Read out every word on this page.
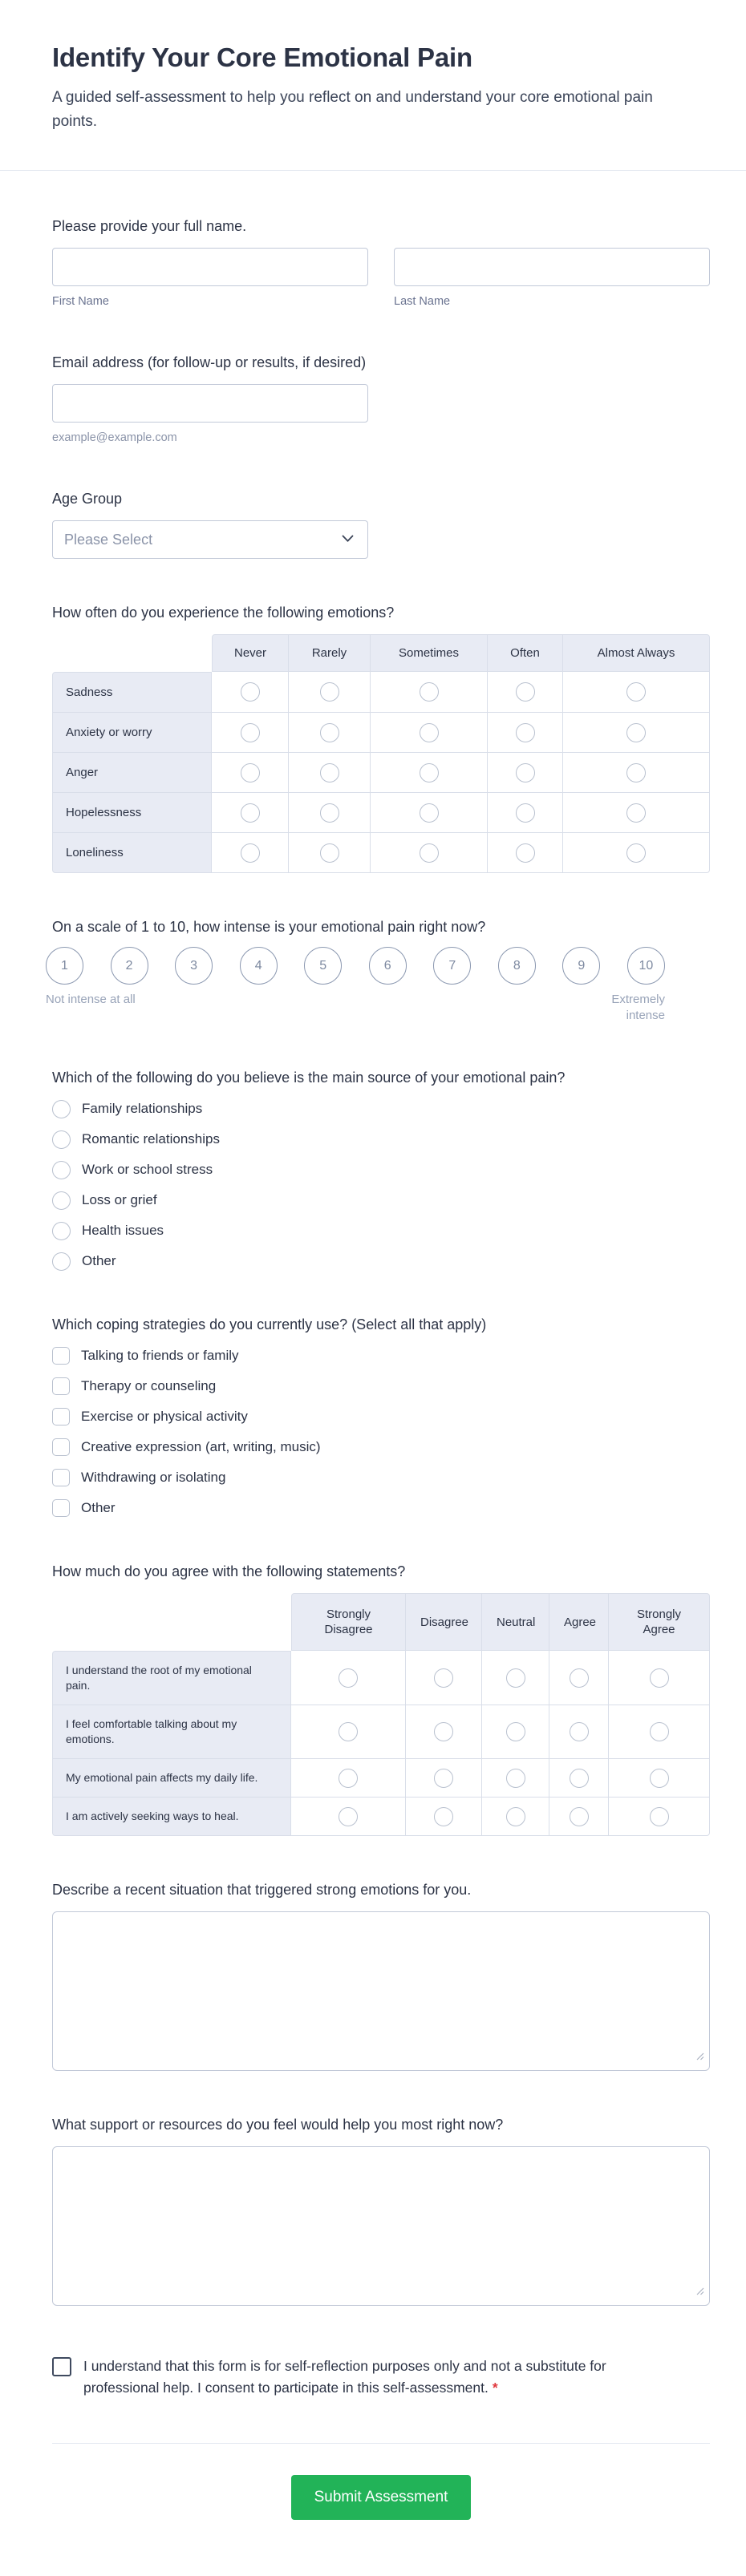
Identify Your Core Emotional Pain

A guided self-assessment to help you reflect on and understand your core emotional pain points.

Please provide your full name.
First Name	Last Name
Email address (for follow-up or results, if desired)
example@example.com
Age Group
Please Select
How often do you experience the following emotions?
	Never	Rarely	Sometimes	Often	Almost Always
Sadness	

Anxiety or worry	

Anger	

Hopelessness	

Loneliness	

On a scale of 1 to 10, how intense is your emotional pain right now?
1	2	3	4	5	6	7	8	9	10
Not intense at all	Extremely intense
Which of the following do you believe is the main source of your emotional pain?
Family relationships
Romantic relationships
Work or school stress
Loss or grief
Health issues
Other
Which coping strategies do you currently use? (Select all that apply)
Talking to friends or family
Therapy or counseling
Exercise or physical activity
Creative expression (art, writing, music)
Withdrawing or isolating
Other
How much do you agree with the following statements?
	Strongly Disagree	Disagree	Neutral	Agree	Strongly Agree
I understand the root of my emotional pain.	

I feel comfortable talking about my emotions.	

My emotional pain affects my daily life.	

I am actively seeking ways to heal.	

Describe a recent situation that triggered strong emotions for you.
What support or resources do you feel would help you most right now?
I understand that this form is for self-reflection purposes only and not a substitute for professional help. I consent to participate in this self-assessment. *
Submit Assessment
